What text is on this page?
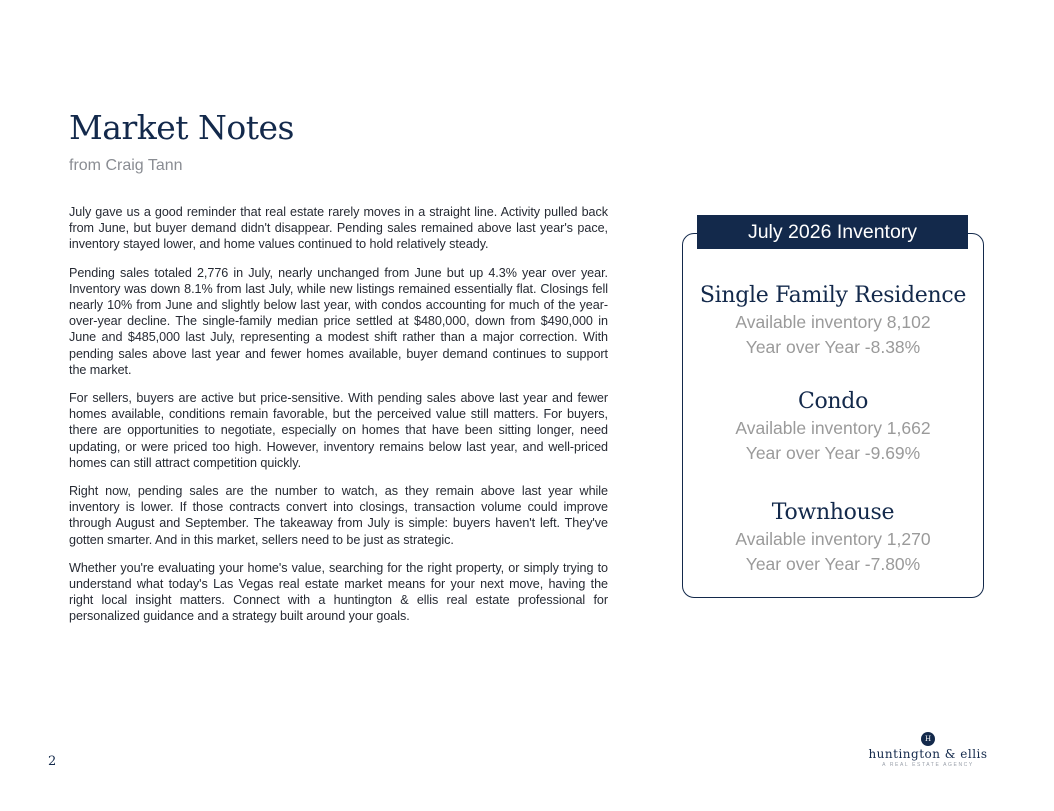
Market Notes
from Craig Tann

July gave us a good reminder that real estate rarely moves in a straight line. Activity pulled back from June, but buyer demand didn't disappear. Pending sales remained above last year's pace, inventory stayed lower, and home values continued to hold relatively steady.

Pending sales totaled 2,776 in July, nearly unchanged from June but up 4.3% year over year. Inventory was down 8.1% from last July, while new listings remained essentially flat. Closings fell nearly 10% from June and slightly below last year, with condos accounting for much of the year-over-year decline. The single-family median price settled at $480,000, down from $490,000 in June and $485,000 last July, representing a modest shift rather than a major correction. With pending sales above last year and fewer homes available, buyer demand continues to support the market.

For sellers, buyers are active but price-sensitive. With pending sales above last year and fewer homes available, conditions remain favorable, but the perceived value still matters. For buyers, there are opportunities to negotiate, especially on homes that have been sitting longer, need updating, or were priced too high. However, inventory remains below last year, and well-priced homes can still attract competition quickly.

Right now, pending sales are the number to watch, as they remain above last year while inventory is lower. If those contracts convert into closings, transaction volume could improve through August and September. The takeaway from July is simple: buyers haven't left. They've gotten smarter. And in this market, sellers need to be just as strategic.

Whether you're evaluating your home's value, searching for the right property, or simply trying to understand what today's Las Vegas real estate market means for your next move, having the right local insight matters. Connect with a huntington & ellis real estate professional for personalized guidance and a strategy built around your goals.

July 2026 Inventory
Single Family Residence
Available inventory 8,102
Year over Year -8.38%
Condo
Available inventory 1,662
Year over Year -9.69%
Townhouse
Available inventory 1,270
Year over Year -7.80%
2
H
huntington & ellis
A REAL ESTATE AGENCY
